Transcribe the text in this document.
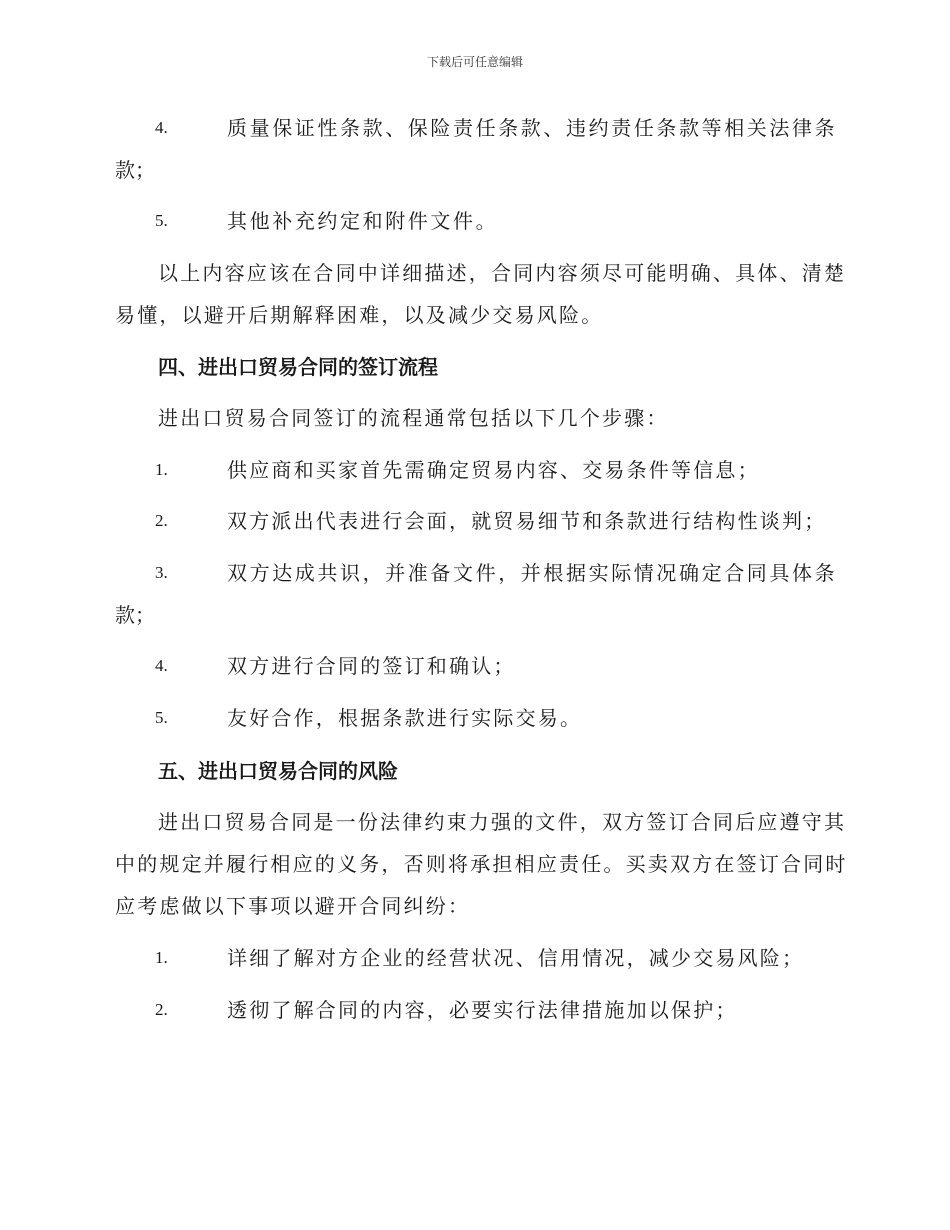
下载后可任意编辑
4.	质量保证性条款、保险责任条款、违约责任条款等相关法律条
款；
5.	其他补充约定和附件文件。
以上内容应该在合同中详细描述，合同内容须尽可能明确、具体、清楚
易懂，以避开后期解释困难，以及减少交易风险。
四、进出口贸易合同的签订流程
进出口贸易合同签订的流程通常包括以下几个步骤：
1.	供应商和买家首先需确定贸易内容、交易条件等信息；
2.	双方派出代表进行会面，就贸易细节和条款进行结构性谈判；
3.	双方达成共识，并准备文件，并根据实际情况确定合同具体条
款；
4.	双方进行合同的签订和确认；
5.	友好合作，根据条款进行实际交易。
五、进出口贸易合同的风险
进出口贸易合同是一份法律约束力强的文件，双方签订合同后应遵守其
中的规定并履行相应的义务，否则将承担相应责任。买卖双方在签订合同时
应考虑做以下事项以避开合同纠纷：
1.	详细了解对方企业的经营状况、信用情况，减少交易风险；
2.	透彻了解合同的内容，必要实行法律措施加以保护；
